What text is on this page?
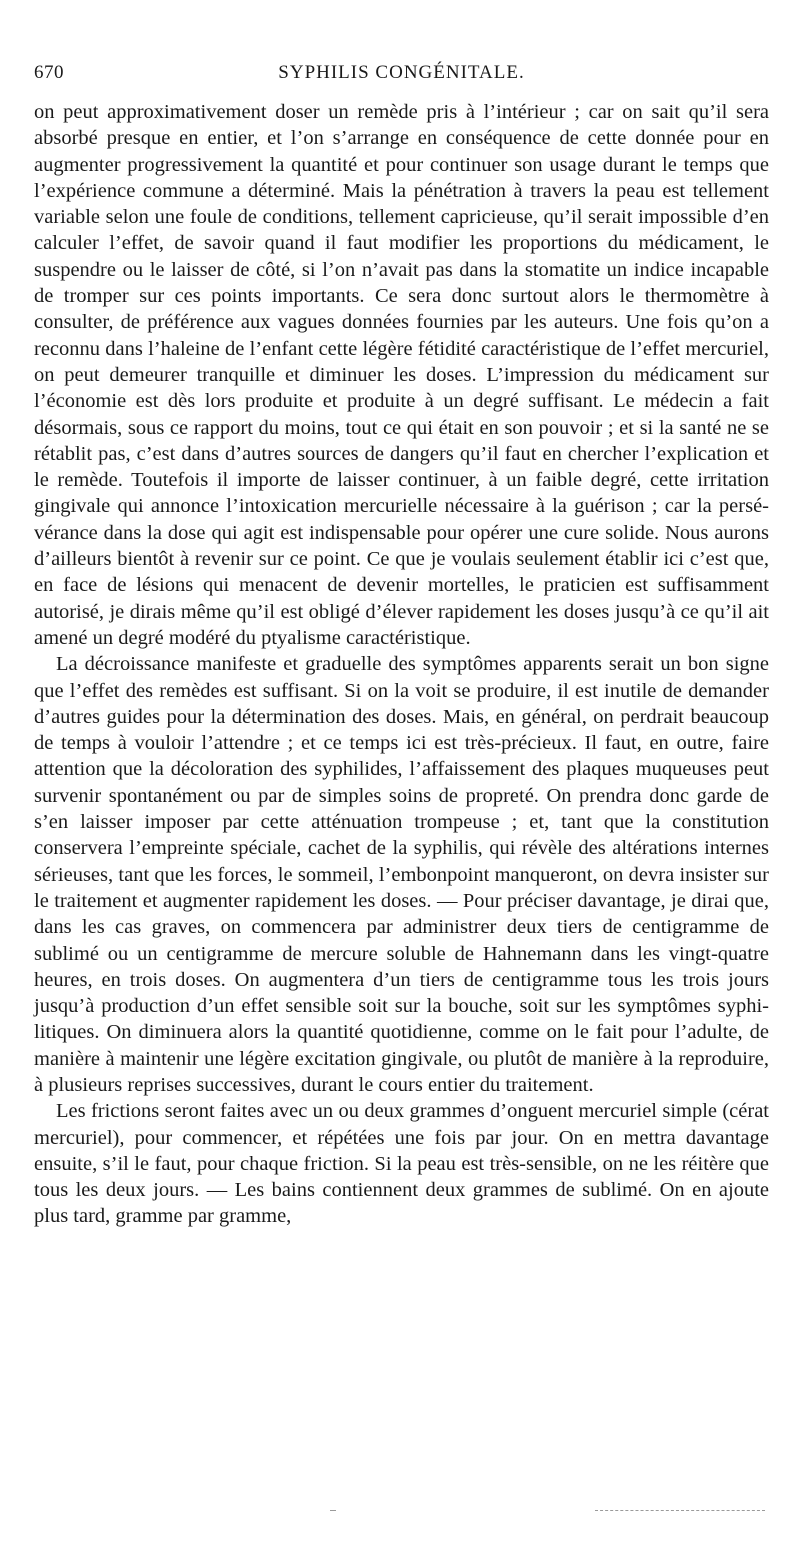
670	SYPHILIS CONGÉNITALE.

on peut approximativement doser un remède pris à l’intérieur ; car on sait qu’il sera absorbé presque en entier, et l’on s’arrange en conséquence de cette donnée pour en augmenter progressivement la quantité et pour continuer son usage durant le temps que l’expérience commune a déterminé. Mais la pénétration à travers la peau est tellement variable selon une foule de conditions, tellement capricieuse, qu’il serait impossible d’en calculer l’effet, de savoir quand il faut modifier les proportions du médicament, le suspendre ou le laisser de côté, si l’on n’avait pas dans la stomatite un indice incapable de tromper sur ces points importants. Ce sera donc surtout alors le thermomètre à consulter, de préférence aux vagues données fournies par les auteurs. Une fois qu’on a reconnu dans l’haleine de l’enfant cette légère fétidité caractéristique de l’effet mercuriel, on peut demeurer tranquille et diminuer les doses. L’impression du médicament sur l’économie est dès lors produite et produite à un degré suffisant. Le médecin a fait désormais, sous ce rapport du moins, tout ce qui était en son pouvoir ; et si la santé ne se rétablit pas, c’est dans d’autres sources de dangers qu’il faut en chercher l’explication et le remède. Toutefois il importe de laisser continuer, à un faible degré, cette irritation gingivale qui annonce l’intoxication mercurielle nécessaire à la guérison ; car la persévérance dans la dose qui agit est indispensable pour opérer une cure solide. Nous aurons d’ailleurs bientôt à revenir sur ce point. Ce que je voulais seulement établir ici c’est que, en face de lésions qui menacent de devenir mortelles, le praticien est suffisamment autorisé, je dirais même qu’il est obligé d’élever rapidement les doses jusqu’à ce qu’il ait amené un degré modéré du ptyalisme caractéristique.

La décroissance manifeste et graduelle des symptômes apparents serait un bon signe que l’effet des remèdes est suffisant. Si on la voit se produire, il est inutile de demander d’autres guides pour la détermination des doses. Mais, en général, on perdrait beaucoup de temps à vouloir l’attendre ; et ce temps ici est très-précieux. Il faut, en outre, faire attention que la décoloration des syphilides, l’affaissement des plaques muqueuses peut survenir spontanément ou par de simples soins de propreté. On prendra donc garde de s’en laisser imposer par cette atténuation trompeuse ; et, tant que la constitution conservera l’empreinte spéciale, cachet de la syphilis, qui révèle des altérations internes sérieuses, tant que les forces, le sommeil, l’embonpoint manqueront, on devra insister sur le traitement et augmenter rapidement les doses. — Pour préciser davantage, je dirai que, dans les cas graves, on commencera par administrer deux tiers de centigramme de sublimé ou un centigramme de mercure soluble de Hahnemann dans les vingt-quatre heures, en trois doses. On augmentera d’un tiers de centigramme tous les trois jours jusqu’à production d’un effet sensible soit sur la bouche, soit sur les symptômes syphilitiques. On diminuera alors la quantité quotidienne, comme on le fait pour l’adulte, de manière à maintenir une légère excitation gingivale, ou plutôt de manière à la reproduire, à plusieurs reprises successives, durant le cours entier du traitement.

Les frictions seront faites avec un ou deux grammes d’onguent mercuriel simple (cérat mercuriel), pour commencer, et répétées une fois par jour. On en mettra davantage ensuite, s’il le faut, pour chaque friction. Si la peau est très-sensible, on ne les réitère que tous les deux jours. — Les bains contiennent deux grammes de sublimé. On en ajoute plus tard, gramme par gramme,
